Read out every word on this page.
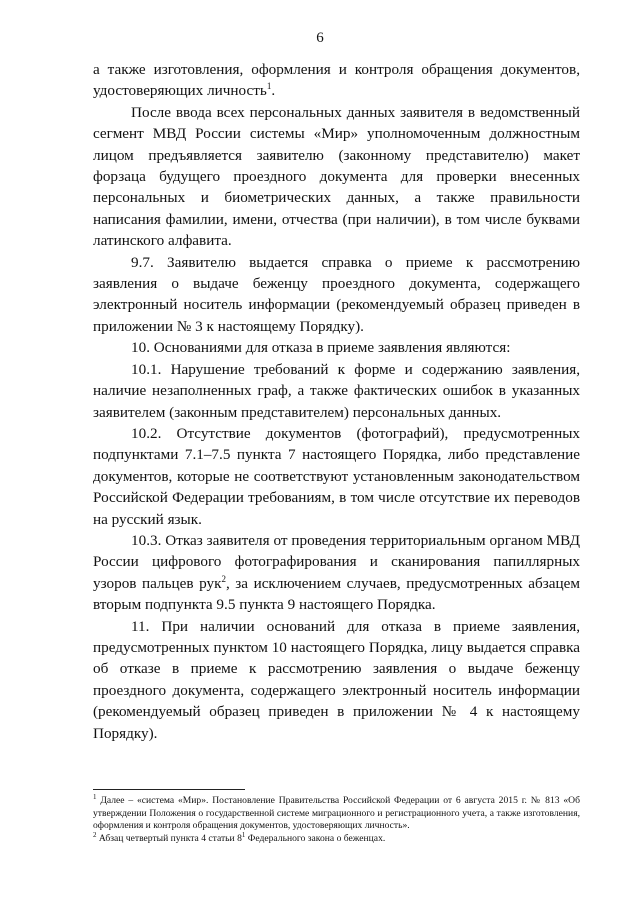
6

а также изготовления, оформления и контроля обращения документов, удостоверяющих личность$^1$.

После ввода всех персональных данных заявителя в ведомственный сегмент МВД России системы «Мир» уполномоченным должностным лицом предъявляется заявителю (законному представителю) макет форзаца будущего проездного документа для проверки внесенных персональных и биометрических данных, а также правильности написания фамилии, имени, отчества (при наличии), в том числе буквами латинского алфавита.

9.7. Заявителю выдается справка о приеме к рассмотрению заявления о выдаче беженцу проездного документа, содержащего электронный носитель информации (рекомендуемый образец приведен в приложении № 3 к настоящему Порядку).

10. Основаниями для отказа в приеме заявления являются:

10.1. Нарушение требований к форме и содержанию заявления, наличие незаполненных граф, а также фактических ошибок в указанных заявителем (законным представителем) персональных данных.

10.2. Отсутствие документов (фотографий), предусмотренных подпунктами 7.1–7.5 пункта 7 настоящего Порядка, либо представление документов, которые не соответствуют установленным законодательством Российской Федерации требованиям, в том числе отсутствие их переводов на русский язык.

10.3. Отказ заявителя от проведения территориальным органом МВД России цифрового фотографирования и сканирования папиллярных узоров пальцев рук$^2$, за исключением случаев, предусмотренных абзацем вторым подпункта 9.5 пункта 9 настоящего Порядка.

11. При наличии оснований для отказа в приеме заявления, предусмотренных пунктом 10 настоящего Порядка, лицу выдается справка об отказе в приеме к рассмотрению заявления о выдаче беженцу проездного документа, содержащего электронный носитель информации (рекомендуемый образец приведен в приложении № 4 к настоящему Порядку).

$^1$ Далее – «система «Мир». Постановление Правительства Российской Федерации от 6 августа 2015 г. № 813 «Об утверждении Положения о государственной системе миграционного и регистрационного учета, а также изготовления, оформления и контроля обращения документов, удостоверяющих личность».

$^2$ Абзац четвертый пункта 4 статьи $8^1$ Федерального закона о беженцах.
